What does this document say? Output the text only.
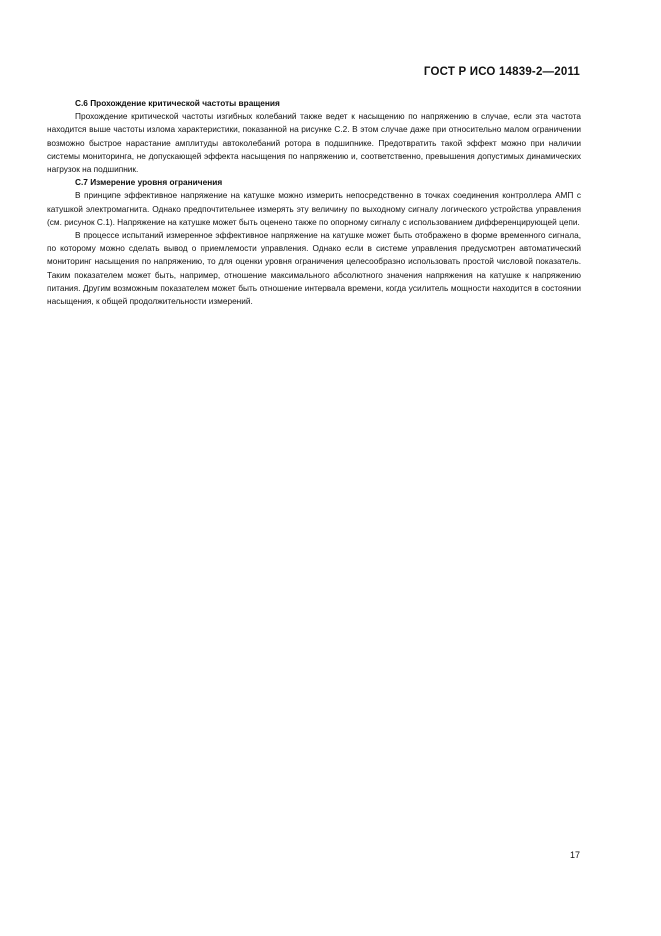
ГОСТ Р ИСО 14839-2—2011

С.6 Прохождение критической частоты вращения

Прохождение критической частоты изгибных колебаний также ведет к насыщению по напряжению в случае, если эта частота находится выше частоты излома характеристики, показанной на рисунке С.2. В этом случае даже при относительно малом ограничении возможно быстрое нарастание амплитуды автоколебаний ротора в подшипнике. Предотвратить такой эффект можно при наличии системы мониторинга, не допускающей эффекта насыщения по напряжению и, соответственно, превышения допустимых динамических нагрузок на подшипник.

С.7 Измерение уровня ограничения

В принципе эффективное напряжение на катушке можно измерить непосредственно в точках соединения контроллера АМП с катушкой электромагнита. Однако предпочтительнее измерять эту величину по выходному сигналу логического устройства управления (см. рисунок С.1). Напряжение на катушке может быть оценено также по опорному сигналу с использованием дифференцирующей цепи.

В процессе испытаний измеренное эффективное напряжение на катушке может быть отображено в форме временного сигнала, по которому можно сделать вывод о приемлемости управления. Однако если в системе управления предусмотрен автоматический мониторинг насыщения по напряжению, то для оценки уровня ограничения целесообразно использовать простой числовой показатель. Таким показателем может быть, например, отношение максимального абсолютного значения напряжения на катушке к напряжению питания. Другим возможным показателем может быть отношение интервала времени, когда усилитель мощности находится в состоянии насыщения, к общей продолжительности измерений.

17
